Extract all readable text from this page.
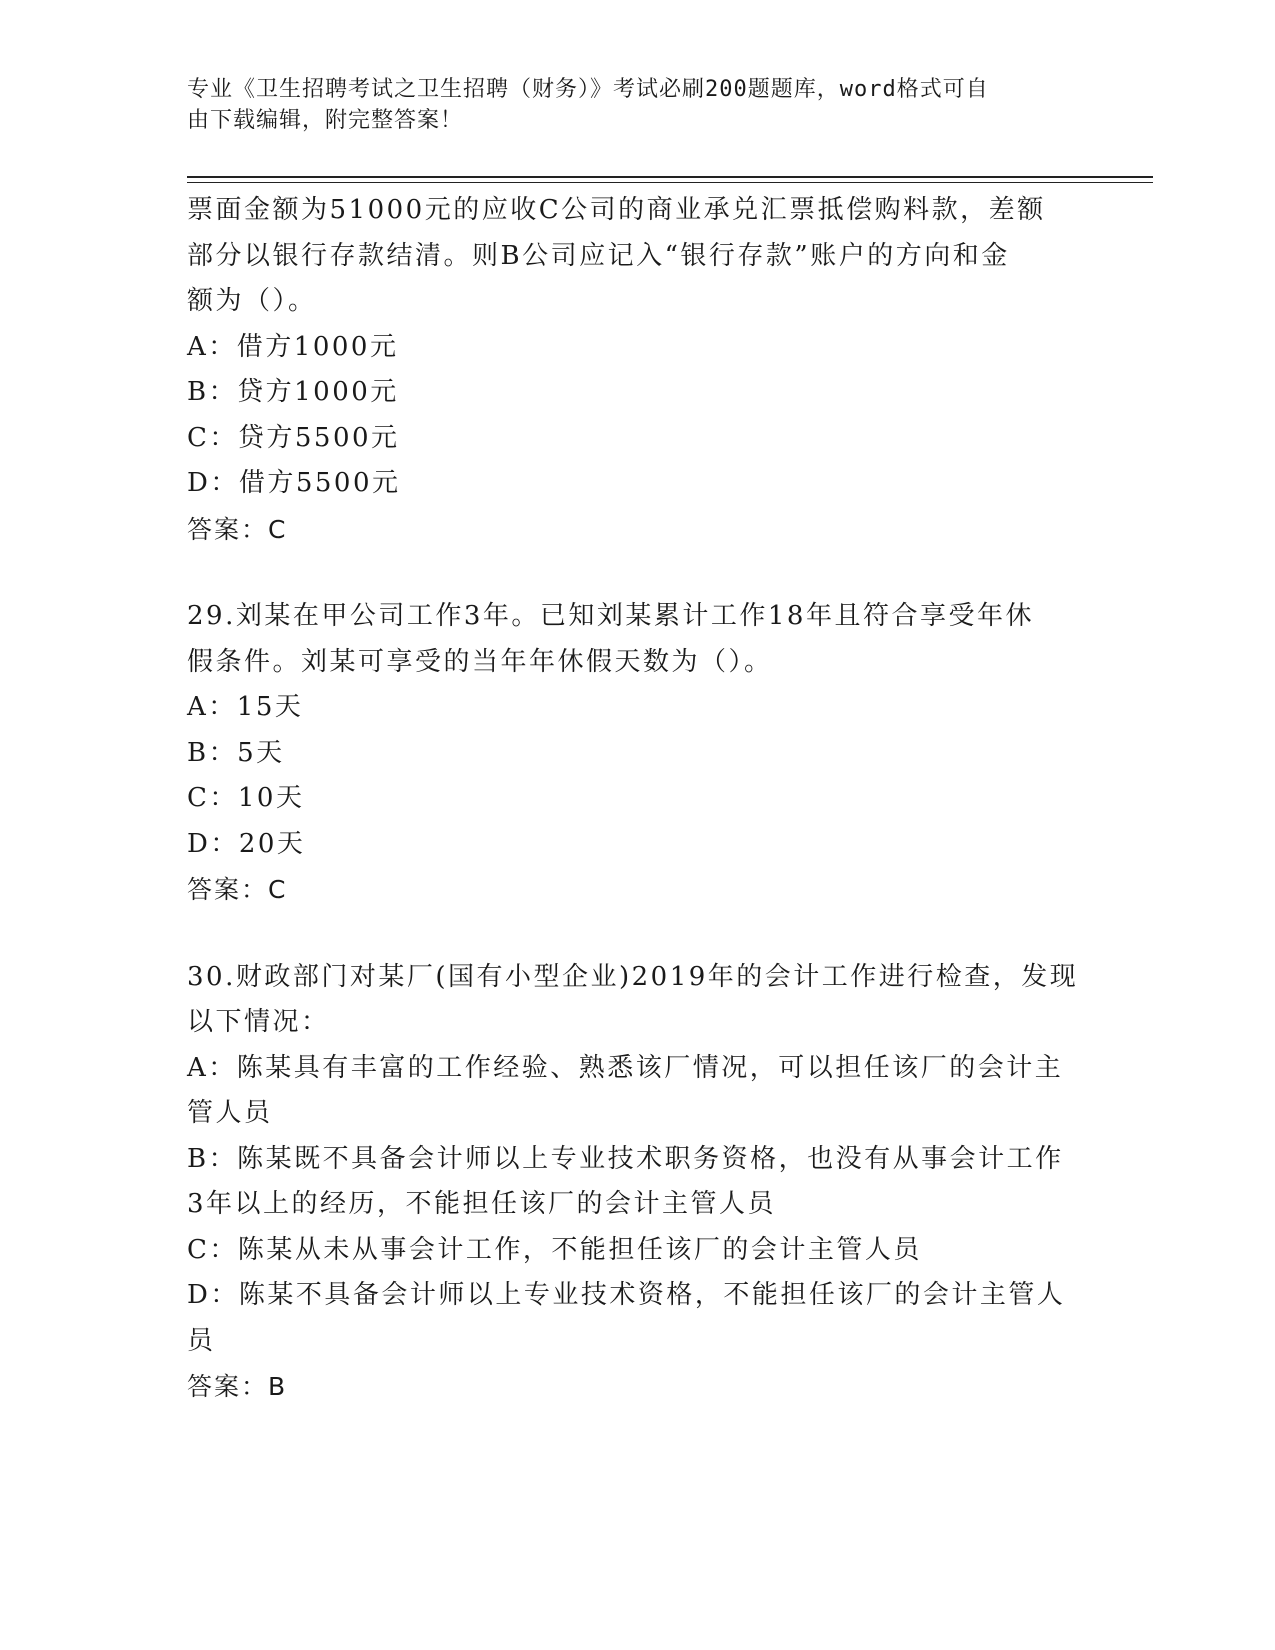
专业《卫生招聘考试之卫生招聘（财务）》考试必刷200题题库，word格式可自
由下载编辑，附完整答案！
票面金额为51000元的应收C公司的商业承兑汇票抵偿购料款，差额
部分以银行存款结清。则B公司应记入“银行存款”账户的方向和金
额为（）。
A：借方1000元
B：贷方1000元
C：贷方5500元
D：借方5500元
答案：C
29.刘某在甲公司工作3年。已知刘某累计工作18年且符合享受年休
假条件。刘某可享受的当年年休假天数为（）。
A：15天
B：5天
C：10天
D：20天
答案：C
30.财政部门对某厂(国有小型企业)2019年的会计工作进行检查，发现
以下情况：
A：陈某具有丰富的工作经验、熟悉该厂情况，可以担任该厂的会计主
管人员
B：陈某既不具备会计师以上专业技术职务资格，也没有从事会计工作
3年以上的经历，不能担任该厂的会计主管人员
C：陈某从未从事会计工作，不能担任该厂的会计主管人员
D：陈某不具备会计师以上专业技术资格，不能担任该厂的会计主管人
员
答案：B
